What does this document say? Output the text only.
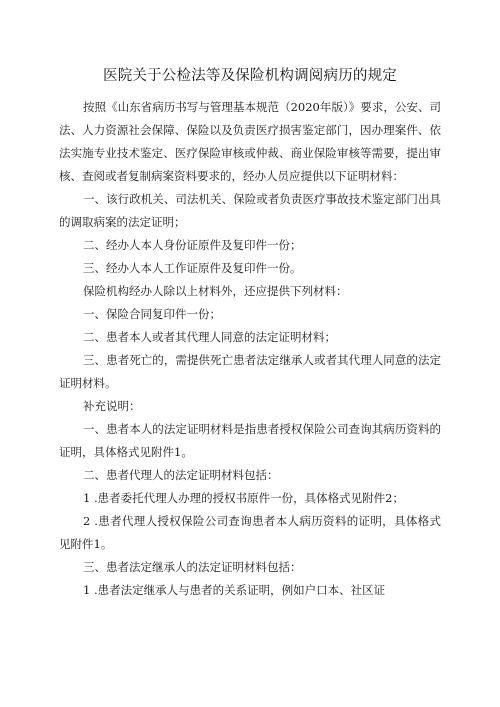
医院关于公检法等及保险机构调阅病历的规定

按照《山东省病历书写与管理基本规范（2020年版）》要求，公安、司法、人力资源社会保障、保险以及负责医疗损害鉴定部门，因办理案件、依法实施专业技术鉴定、医疗保险审核或仲裁、商业保险审核等需要，提出审核、查阅或者复制病案资料要求的，经办人员应提供以下证明材料：

一、该行政机关、司法机关、保险或者负责医疗事故技术鉴定部门出具的调取病案的法定证明；

二、经办人本人身份证原件及复印件一份；

三、经办人本人工作证原件及复印件一份。

保险机构经办人除以上材料外，还应提供下列材料：

一、保险合同复印件一份；

二、患者本人或者其代理人同意的法定证明材料；

三、患者死亡的，需提供死亡患者法定继承人或者其代理人同意的法定证明材料。

补充说明：

一、患者本人的法定证明材料是指患者授权保险公司查询其病历资料的证明，具体格式见附件1。

二、患者代理人的法定证明材料包括：

1 .患者委托代理人办理的授权书原件一份，具体格式见附件2；

2 .患者代理人授权保险公司查询患者本人病历资料的证明，具体格式见附件1。

三、患者法定继承人的法定证明材料包括：

1 .患者法定继承人与患者的关系证明，例如户口本、社区证
